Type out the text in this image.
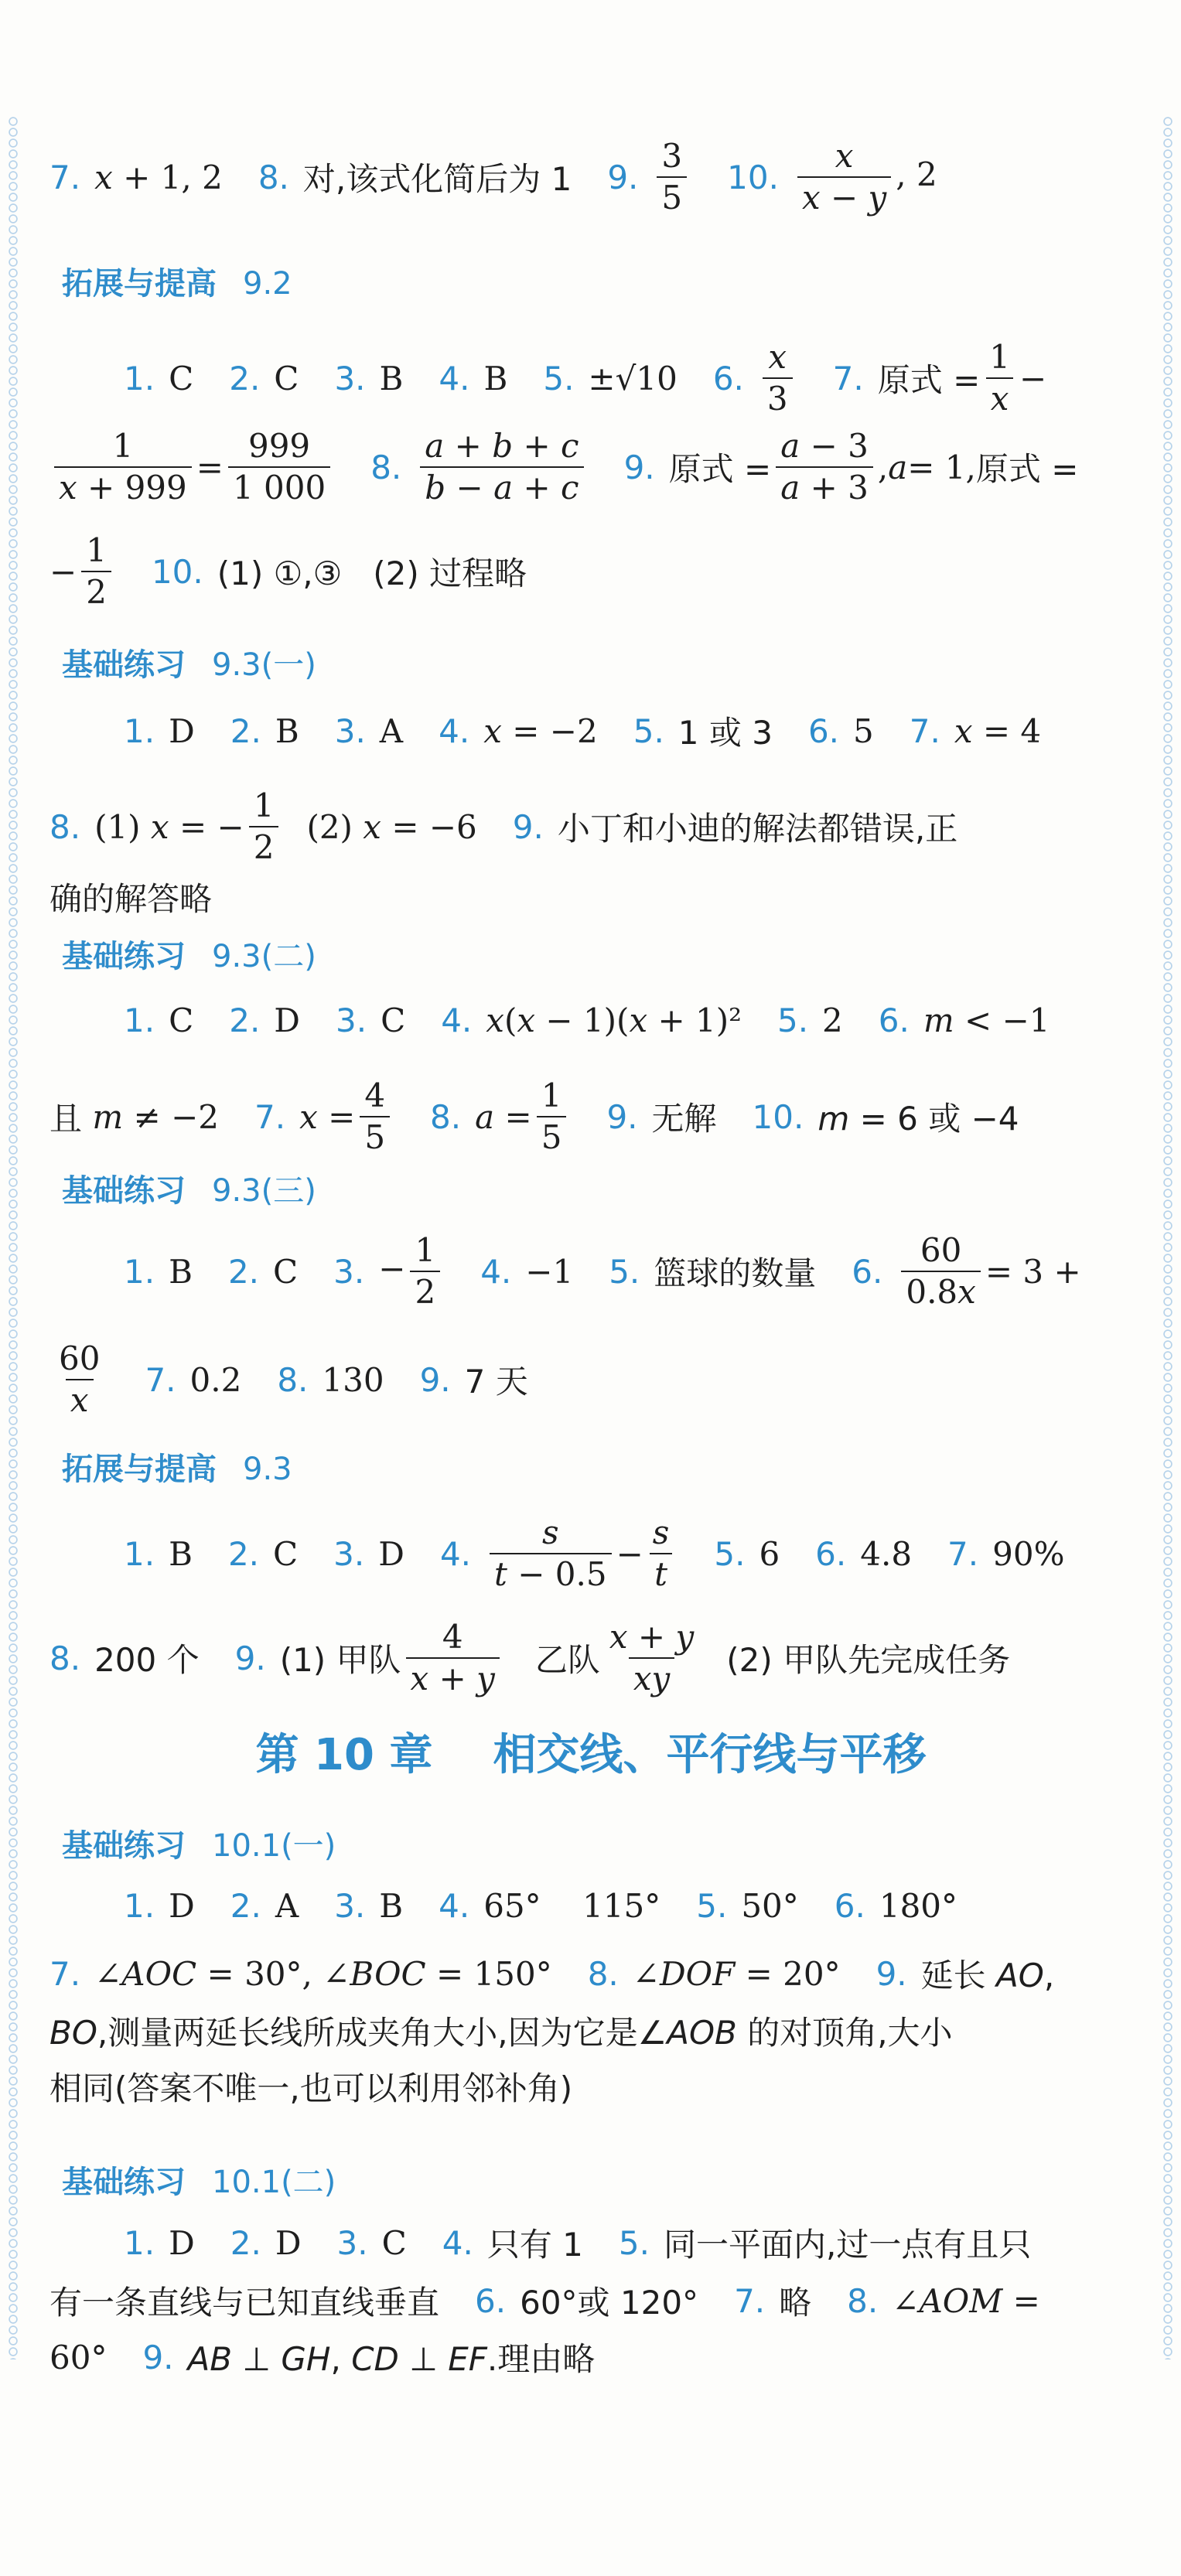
7. x + 1, 2 8. 对,该式化简后为 1 9. $\frac{3}{5} 10$. $\frac{x}{x - y}$ , 2
拓展与提高 9.2
1. C 2. C 3. B 4. B 5. ±√10 6. $\frac{x}{3} 7$. 原式 = $\frac{1}{x}$ −
$\frac{1}{x + 999} = \frac{999}{1 000} 8$. $\frac{a + b + c}{b - a + c} 9$. 原式 = $\frac{a - 3}{a + 3}$ , a = 1, 原式 =
− $\frac{1}{2} 10$. (1) ①,③   (2) 过程略
基础练习 9.3(一)
1. D 2. B 3. A 4. x = −2 5. 1 或 3 6. 5 7. x = 4
8. (1) x = − $\frac{1}{2} (2) x = -6$ 9. 小丁和小迪的解法都错误,正
确的解答略
基础练习 9.3(二)
1. C 2. D 3. C 4. x(x − 1)(x + 1)² 5. 2 6. m < −1
且 m ≠ −2 7. $x = \frac{4}{5} 8$. $a = \frac{1}{5} 9$. 无解 10. m = 6 或 −4
基础练习 9.3(三)
1. B 2. C 3. − $\frac{1}{2} 4$. −1 5. 篮球的数量 6. $\frac{60}{0.8x} = 3$ +
$\frac{60}{x} 7$. 0.2 8. 130 9. 7 天
拓展与提高 9.3
1. B 2. C 3. D 4. $\frac{s}{t - 0.5} - \frac{s}{t} 5$. 6 6. 4.8 7. 90%
8. 200 个 9. (1) 甲队 $\frac{4}{x + y}$ 乙队 $\frac{x + y}{xy} (2)$ 甲队先完成任务
第 10 章    相交线、平行线与平移
基础练习 10.1(一)
1. D 2. A 3. B 4. 65°    115° 5. 50° 6. 180°
7. ∠AOC = 30°, ∠BOC = 150° 8. ∠DOF = 20° 9. 延长 AO,
BO,测量两延长线所成夹角大小,因为它是∠AOB 的对顶角,大小
相同(答案不唯一,也可以利用邻补角)
基础练习 10.1(二)
1. D 2. D 3. C 4. 只有 1 5. 同一平面内,过一点有且只
有一条直线与已知直线垂直 6. 60°或 120° 7. 略 8. ∠AOM =
60° 9. AB ⊥ GH, CD ⊥ EF.理由略
